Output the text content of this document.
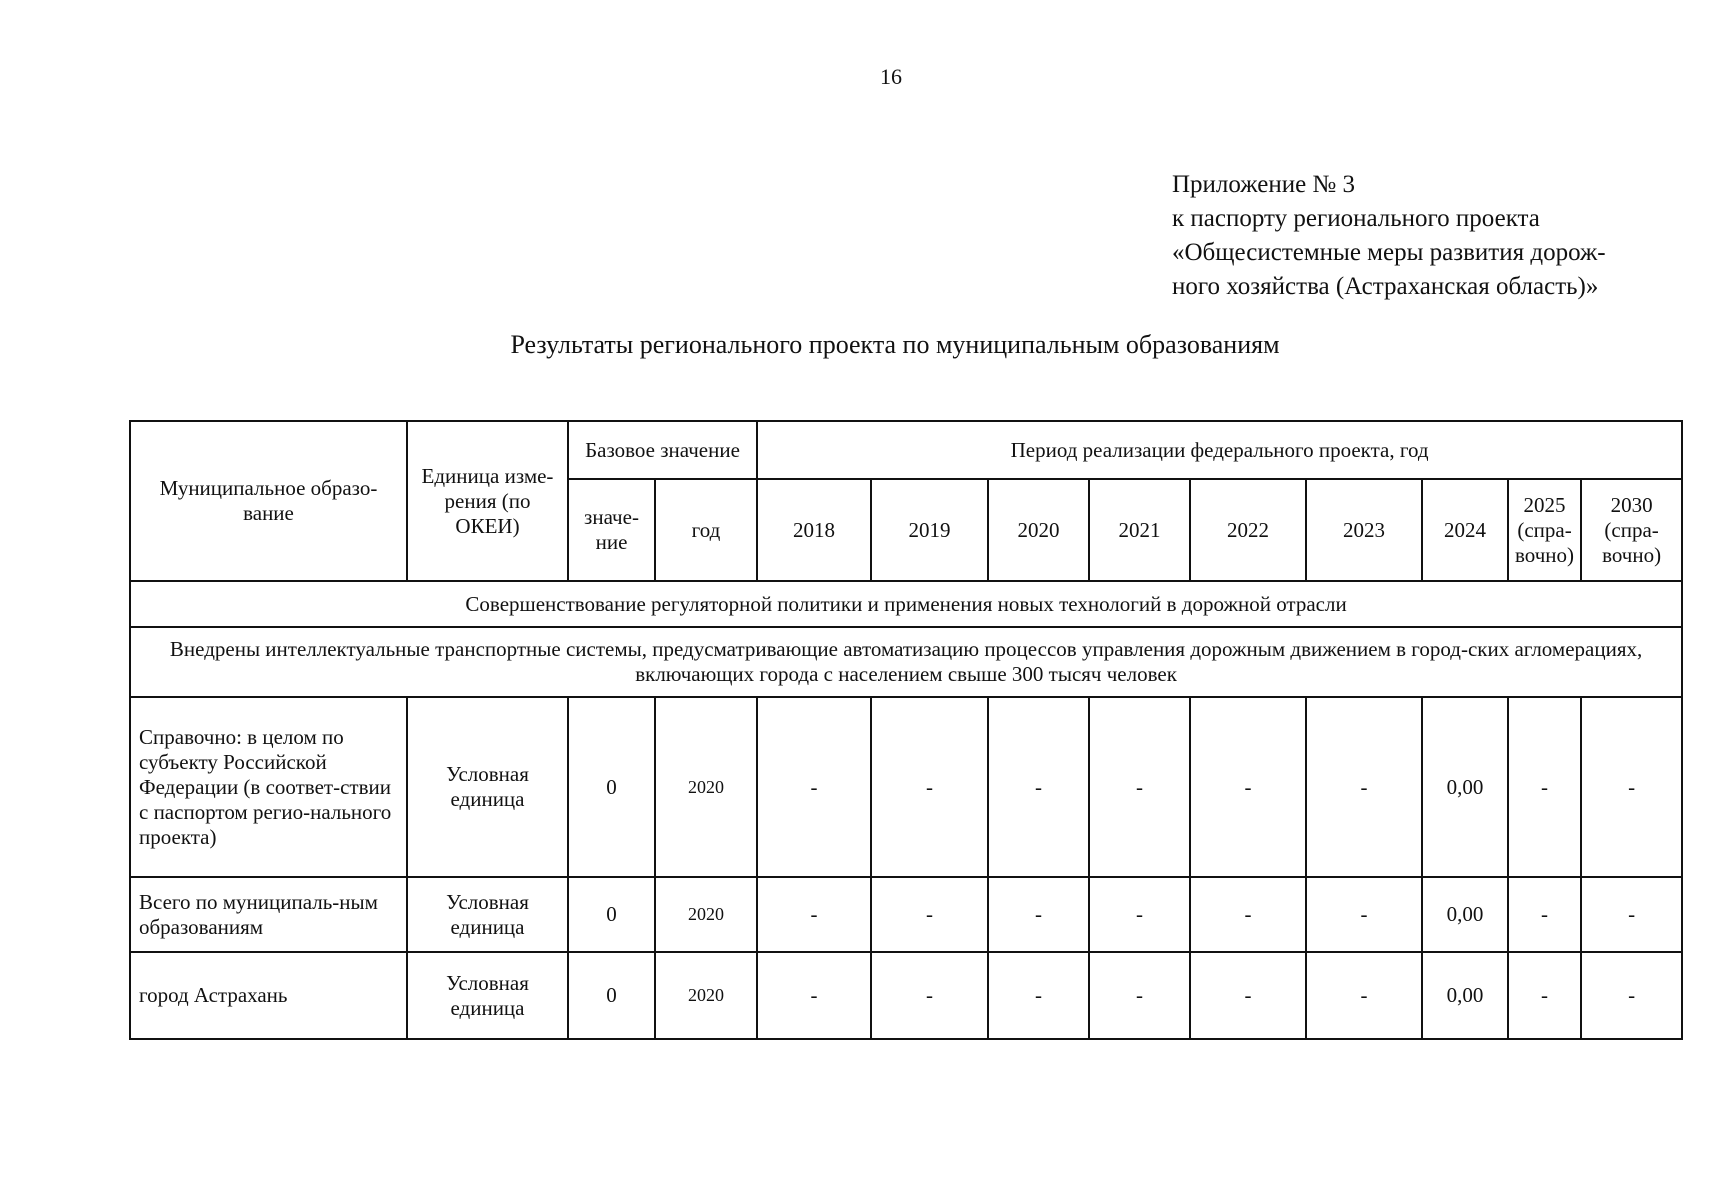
16
Приложение № 3
к паспорту регионального проекта
«Общесистемные меры развития дорож-
ного хозяйства (Астраханская область)»
Результаты регионального проекта по муниципальным образованиям
Муниципальное образо-вание	Единица изме-рения (по ОКЕИ)	Базовое значение		Период реализации федерального проекта, год								
		значе-ние	год	2018	2019	2020	2021	2022	2023	2024	2025 (спра-вочно)	2030 (спра-вочно)
Совершенствование регуляторной политики и применения новых технологий в дорожной отрасли												
Внедрены интеллектуальные транспортные системы, предусматривающие автоматизацию процессов управления дорожным движением в город-ских агломерациях, включающих города с населением свыше 300 тысяч человек												
Справочно: в целом по субъекту Российской Федерации (в соответ-ствии с паспортом регио-нального проекта)	Условная единица	0	2020	-	-	-	-	-	-	0,00	-	-
Всего по муниципаль-ным образованиям	Условная единица	0	2020	-	-	-	-	-	-	0,00	-	-
город Астрахань	Условная единица	0	2020	-	-	-	-	-	-	0,00	-	-
